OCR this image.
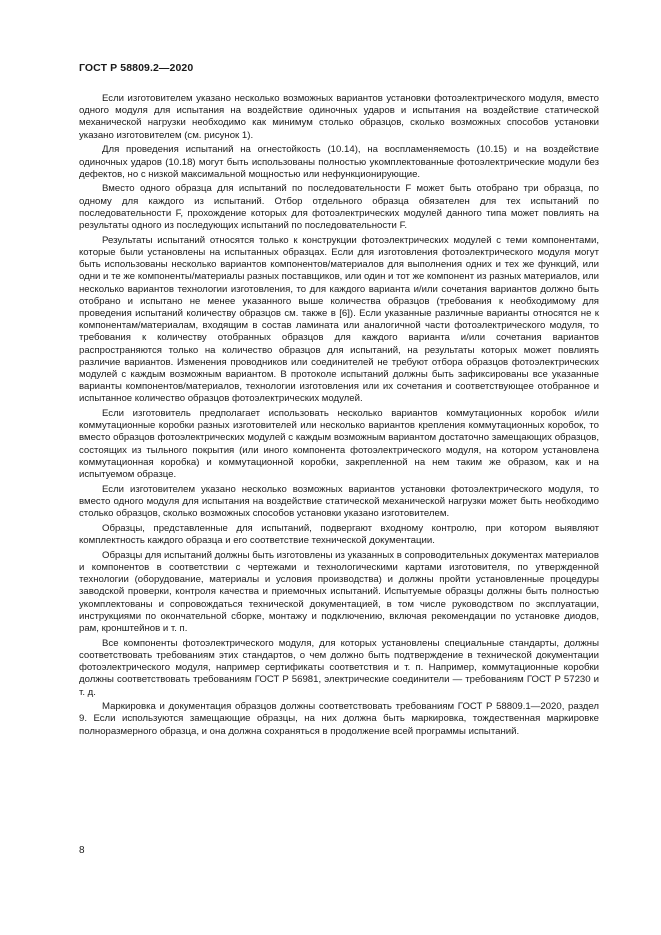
ГОСТ Р 58809.2—2020

Если изготовителем указано несколько возможных вариантов установки фотоэлектрического модуля, вместо одного модуля для испытания на воздействие одиночных ударов и испытания на воздействие статической механической нагрузки необходимо как минимум столько образцов, сколько возможных способов установки указано изготовителем (см. рисунок 1).

Для проведения испытаний на огнестойкость (10.14), на воспламеняемость (10.15) и на воздействие одиночных ударов (10.18) могут быть использованы полностью укомплектованные фотоэлектрические модули без дефектов, но с низкой максимальной мощностью или нефункционирующие.

Вместо одного образца для испытаний по последовательности F может быть отобрано три образца, по одному для каждого из испытаний. Отбор отдельного образца обязателен для тех испытаний по последовательности F, прохождение которых для фотоэлектрических модулей данного типа может повлиять на результаты одного из последующих испытаний по последовательности F.

Результаты испытаний относятся только к конструкции фотоэлектрических модулей с теми компонентами, которые были установлены на испытанных образцах. Если для изготовления фотоэлектрического модуля могут быть использованы несколько вариантов компонентов/материалов для выполнения одних и тех же функций, или одни и те же компоненты/материалы разных поставщиков, или один и тот же компонент из разных материалов, или несколько вариантов технологии изготовления, то для каждого варианта и/или сочетания вариантов должно быть отобрано и испытано не менее указанного выше количества образцов (требования к необходимому для проведения испытаний количеству образцов см. также в [6]). Если указанные различные варианты относятся не к компонентам/материалам, входящим в состав ламината или аналогичной части фотоэлектрического модуля, то требования к количеству отобранных образцов для каждого варианта и/или сочетания вариантов распространяются только на количество образцов для испытаний, на результаты которых может повлиять различие вариантов. Изменения проводников или соединителей не требуют отбора образцов фотоэлектрических модулей с каждым возможным вариантом. В протоколе испытаний должны быть зафиксированы все указанные варианты компонентов/материалов, технологии изготовления или их сочетания и соответствующее отобранное и испытанное количество образцов фотоэлектрических модулей.

Если изготовитель предполагает использовать несколько вариантов коммутационных коробок и/или коммутационные коробки разных изготовителей или несколько вариантов крепления коммутационных коробок, то вместо образцов фотоэлектрических модулей с каждым возможным вариантом достаточно замещающих образцов, состоящих из тыльного покрытия (или иного компонента фотоэлектрического модуля, на котором установлена коммутационная коробка) и коммутационной коробки, закрепленной на нем таким же образом, как и на испытуемом образце.

Если изготовителем указано несколько возможных вариантов установки фотоэлектрического модуля, то вместо одного модуля для испытания на воздействие статической механической нагрузки может быть необходимо столько образцов, сколько возможных способов установки указано изготовителем.

Образцы, представленные для испытаний, подвергают входному контролю, при котором выявляют комплектность каждого образца и его соответствие технической документации.

Образцы для испытаний должны быть изготовлены из указанных в сопроводительных документах материалов и компонентов в соответствии с чертежами и технологическими картами изготовителя, по утвержденной технологии (оборудование, материалы и условия производства) и должны пройти установленные процедуры заводской проверки, контроля качества и приемочных испытаний. Испытуемые образцы должны быть полностью укомплектованы и сопровождаться технической документацией, в том числе руководством по эксплуатации, инструкциями по окончательной сборке, монтажу и подключению, включая рекомендации по установке диодов, рам, кронштейнов и т. п.

Все компоненты фотоэлектрического модуля, для которых установлены специальные стандарты, должны соответствовать требованиям этих стандартов, о чем должно быть подтверждение в технической документации фотоэлектрического модуля, например сертификаты соответствия и т. п. Например, коммутационные коробки должны соответствовать требованиям ГОСТ Р 56981, электрические соединители — требованиям ГОСТ Р 57230 и т. д.

Маркировка и документация образцов должны соответствовать требованиям ГОСТ Р 58809.1—2020, раздел 9. Если используются замещающие образцы, на них должна быть маркировка, тождественная маркировке полноразмерного образца, и она должна сохраняться в продолжение всей программы испытаний.

8
